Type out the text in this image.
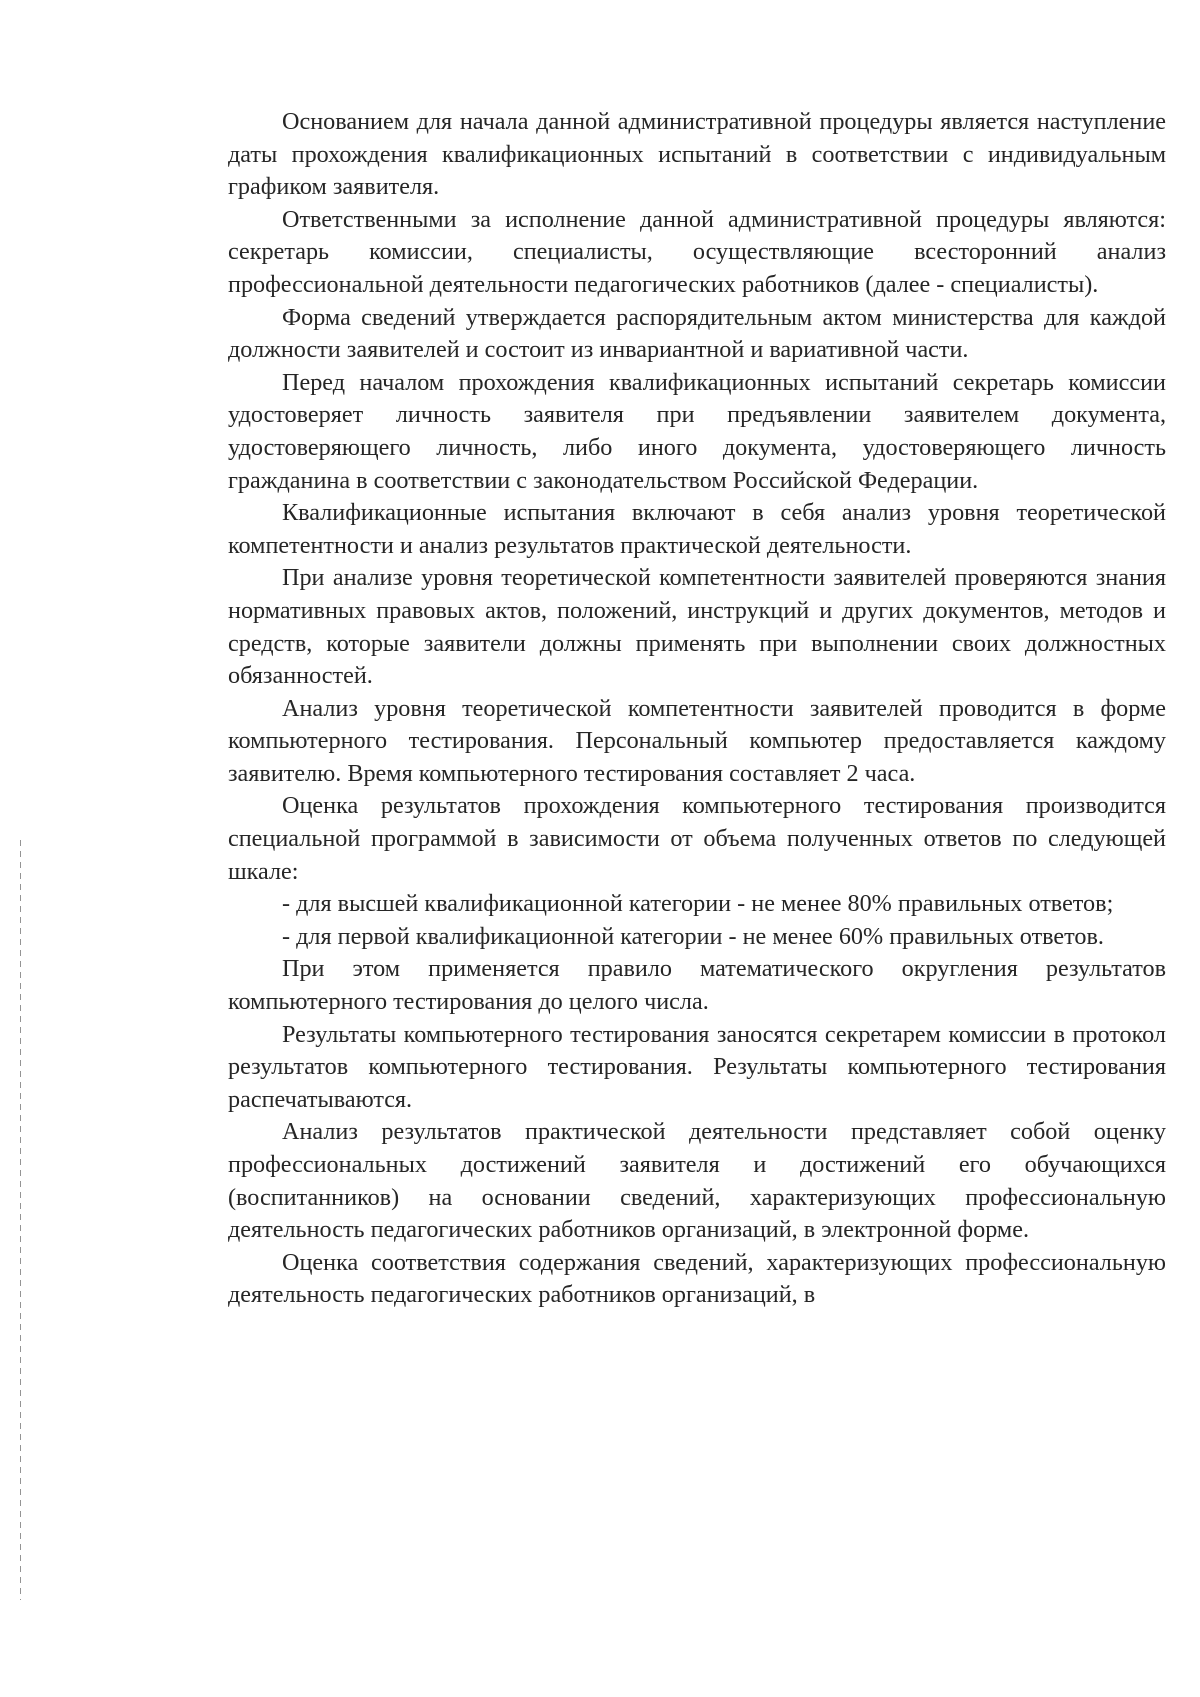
Основанием для начала данной административной процедуры является наступление даты прохождения квалификационных испытаний в соответствии с индивидуальным графиком заявителя.

Ответственными за исполнение данной административной процедуры являются: секретарь комиссии, специалисты, осуществляющие всесторонний анализ профессиональной деятельности педагогических работников (далее - специалисты).

Форма сведений утверждается распорядительным актом министерства для каждой должности заявителей и состоит из инвариантной и вариативной части.

Перед началом прохождения квалификационных испытаний секретарь комиссии удостоверяет личность заявителя при предъявлении заявителем документа, удостоверяющего личность, либо иного документа, удостоверяющего личность гражданина в соответствии с законодательством Российской Федерации.

Квалификационные испытания включают в себя анализ уровня теоретической компетентности и анализ результатов практической деятельности.

При анализе уровня теоретической компетентности заявителей проверяются знания нормативных правовых актов, положений, инструкций и других документов, методов и средств, которые заявители должны применять при выполнении своих должностных обязанностей.

Анализ уровня теоретической компетентности заявителей проводится в форме компьютерного тестирования. Персональный компьютер предоставляется каждому заявителю. Время компьютерного тестирования составляет 2 часа.

Оценка результатов прохождения компьютерного тестирования производится специальной программой в зависимости от объема полученных ответов по следующей шкале:

- для высшей квалификационной категории - не менее 80% правильных ответов;

- для первой квалификационной категории - не менее 60% правильных ответов.

При этом применяется правило математического округления результатов компьютерного тестирования до целого числа.

Результаты компьютерного тестирования заносятся секретарем комиссии в протокол результатов компьютерного тестирования. Результаты компьютерного тестирования распечатываются.

Анализ результатов практической деятельности представляет собой оценку профессиональных достижений заявителя и достижений его обучающихся (воспитанников) на основании сведений, характеризующих профессиональную деятельность педагогических работников организаций, в электронной форме.

Оценка соответствия содержания сведений, характеризующих профессиональную деятельность педагогических работников организаций, в
